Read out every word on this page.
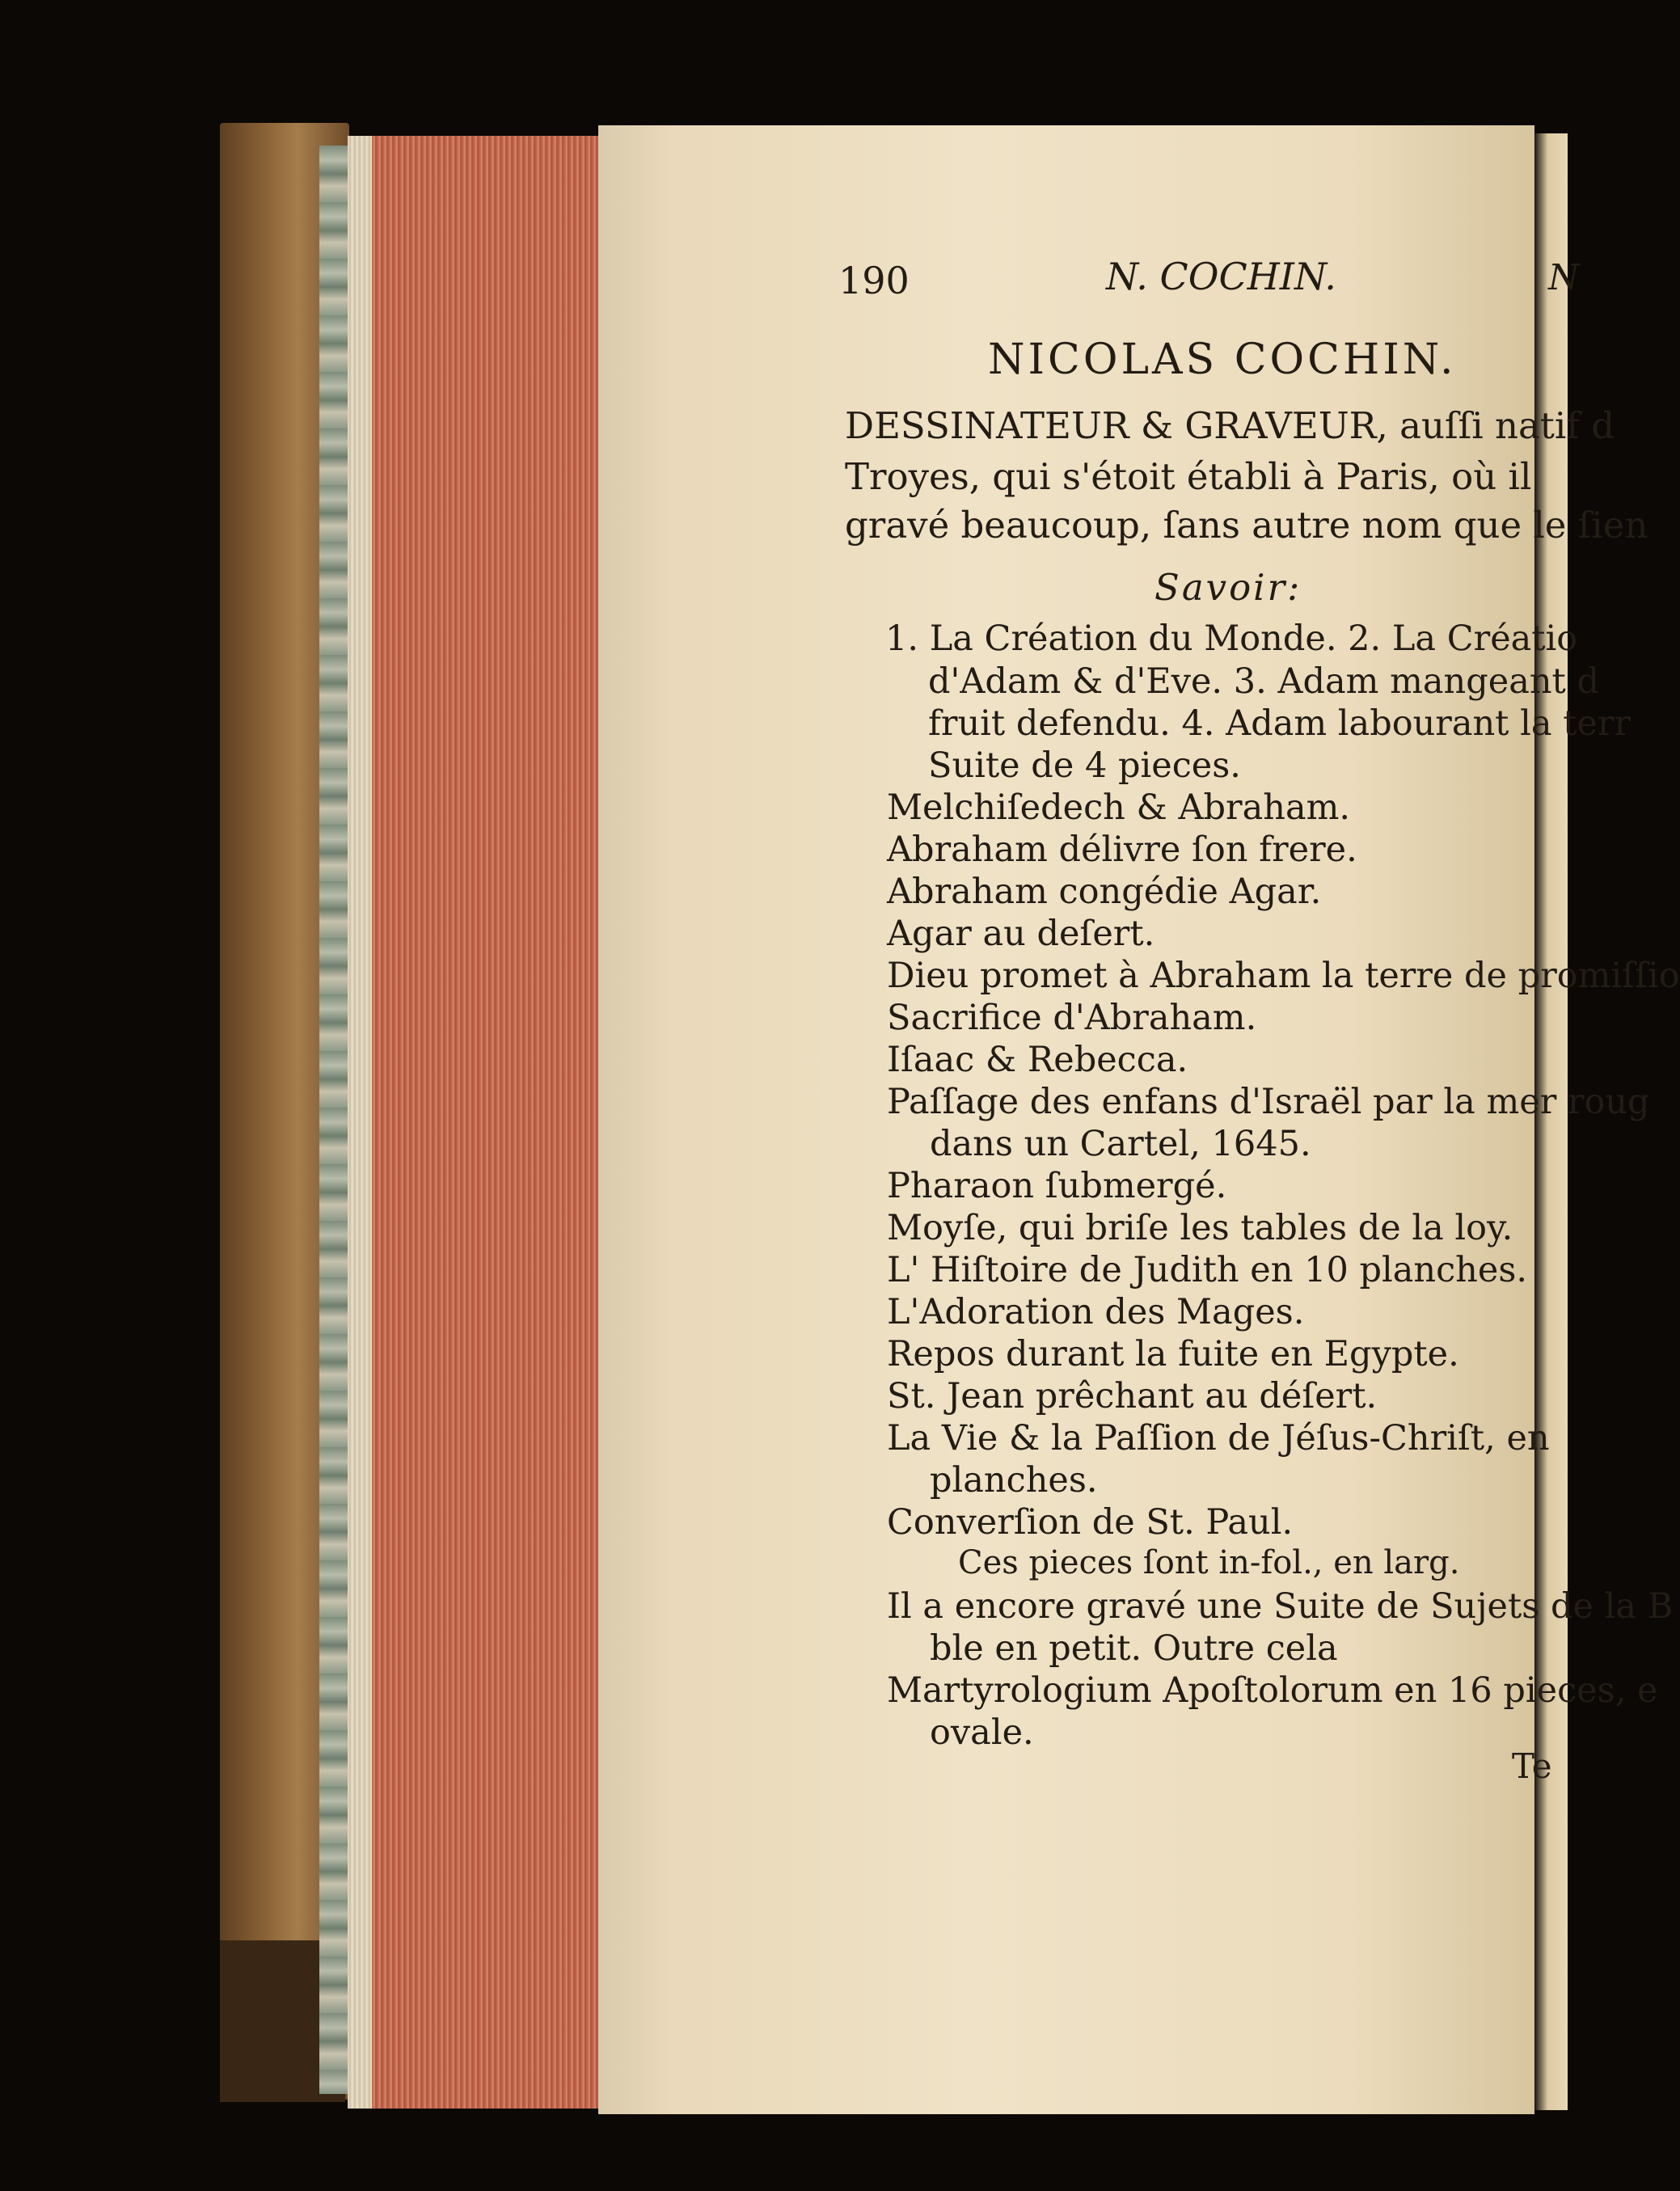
190	N. COCHIN.	N
NICOLAS COCHIN.
DESSINATEUR & GRAVEUR, auſſi natif d
Troyes, qui s'étoit établi à Paris, où il
gravé beaucoup, ſans autre nom que le ſien
Savoir:
1. La Création du Monde. 2. La Créatio
d'Adam & d'Eve. 3. Adam mangeant d
fruit defendu. 4. Adam labourant la terr
Suite de 4 pieces.
Melchiſedech & Abraham.
Abraham délivre ſon frere.
Abraham congédie Agar.
Agar au deſert.
Dieu promet à Abraham la terre de promiſſio
Sacrifice d'Abraham.
Iſaac & Rebecca.
Paſſage des enfans d'Israël par la mer roug
dans un Cartel, 1645.
Pharaon ſubmergé.
Moyſe, qui briſe les tables de la loy.
L' Hiſtoire de Judith en 10 planches.
L'Adoration des Mages.
Repos durant la fuite en Egypte.
St. Jean prêchant au déſert.
La Vie & la Paſſion de Jéſus-Chriſt, en
planches.
Converſion de St. Paul.
Ces pieces ſont in-fol., en larg.
Il a encore gravé une Suite de Sujets de la B
ble en petit. Outre cela
Martyrologium Apoſtolorum en 16 pieces, e
ovale.
Te
